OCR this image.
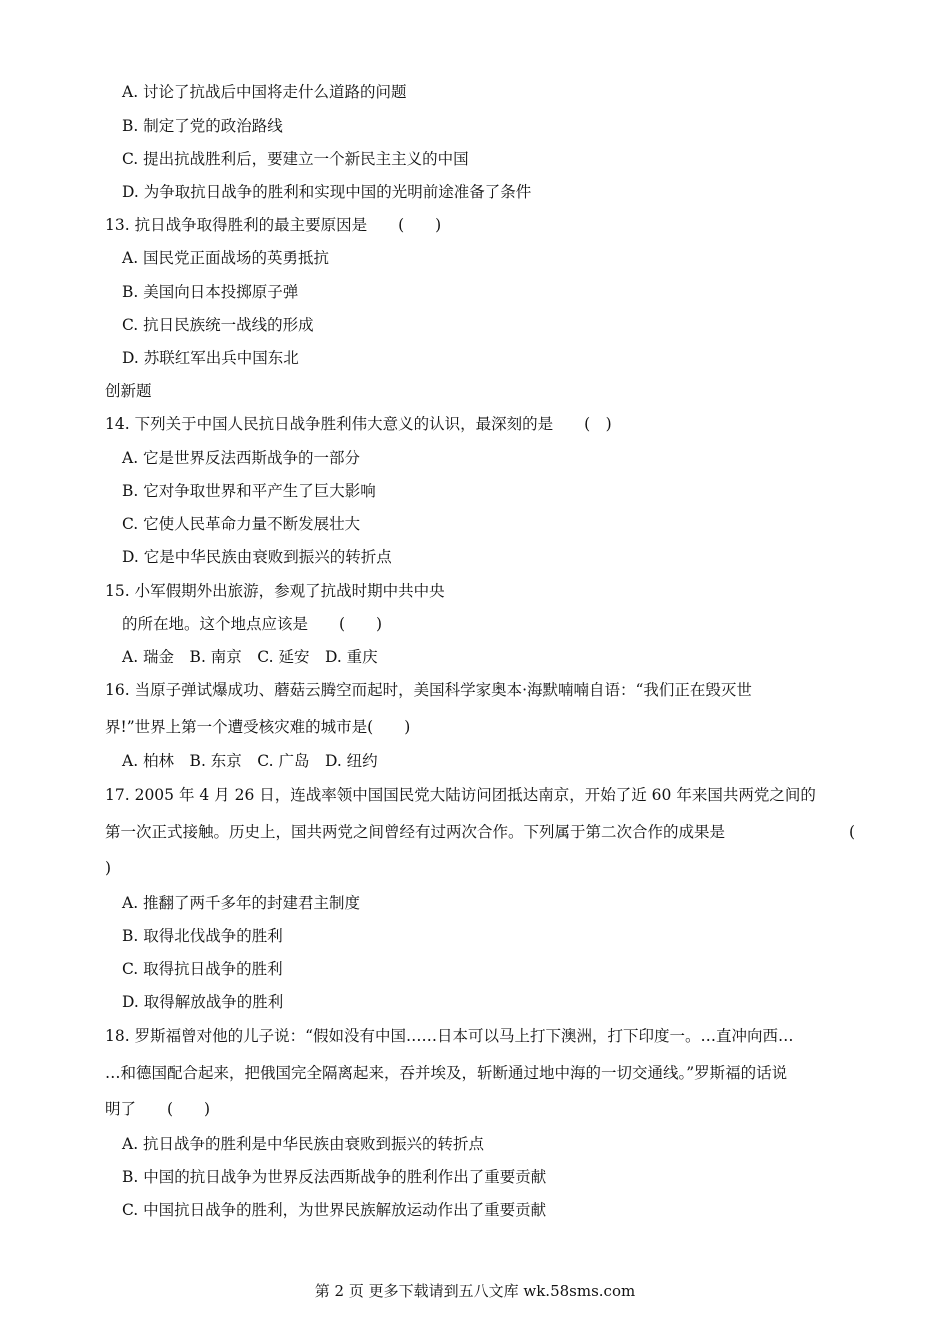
A. 讨论了抗战后中国将走什么道路的问题
B. 制定了党的政治路线
C. 提出抗战胜利后，要建立一个新民主主义的中国
D. 为争取抗日战争的胜利和实现中国的光明前途准备了条件
13. 抗日战争取得胜利的最主要原因是　　(　　)
A. 国民党正面战场的英勇抵抗
B. 美国向日本投掷原子弹
C. 抗日民族统一战线的形成
D. 苏联红军出兵中国东北
创新题
14. 下列关于中国人民抗日战争胜利伟大意义的认识，最深刻的是　　(　)
A. 它是世界反法西斯战争的一部分
B. 它对争取世界和平产生了巨大影响
C. 它使人民革命力量不断发展壮大
D. 它是中华民族由衰败到振兴的转折点
15. 小军假期外出旅游，参观了抗战时期中共中央
的所在地。这个地点应该是　　(　　)
A. 瑞金　B. 南京　C. 延安　D. 重庆
16. 当原子弹试爆成功、蘑菇云腾空而起时，美国科学家奥本·海默喃喃自语：“我们正在毁灭世
界!”世界上第一个遭受核灾难的城市是(　　)
A. 柏林　B. 东京　C. 广岛　D. 纽约
17. 2005 年 4 月 26 日，连战率领中国国民党大陆访问团抵达南京，开始了近 60 年来国共两党之间的
第一次正式接触。历史上，国共两党之间曾经有过两次合作。下列属于第二次合作的成果是	(
)
A. 推翻了两千多年的封建君主制度
B. 取得北伐战争的胜利
C. 取得抗日战争的胜利
D. 取得解放战争的胜利
18. 罗斯福曾对他的儿子说：“假如没有中国……日本可以马上打下澳洲，打下印度一。…直冲向西…
…和德国配合起来，把俄国完全隔离起来，吞并埃及，斩断通过地中海的一切交通线。”罗斯福的话说
明了　　(　　)
A. 抗日战争的胜利是中华民族由衰败到振兴的转折点
B. 中国的抗日战争为世界反法西斯战争的胜利作出了重要贡献
C. 中国抗日战争的胜利，为世界民族解放运动作出了重要贡献
第 2 页 更多下载请到五八文库 wk.58sms.com
